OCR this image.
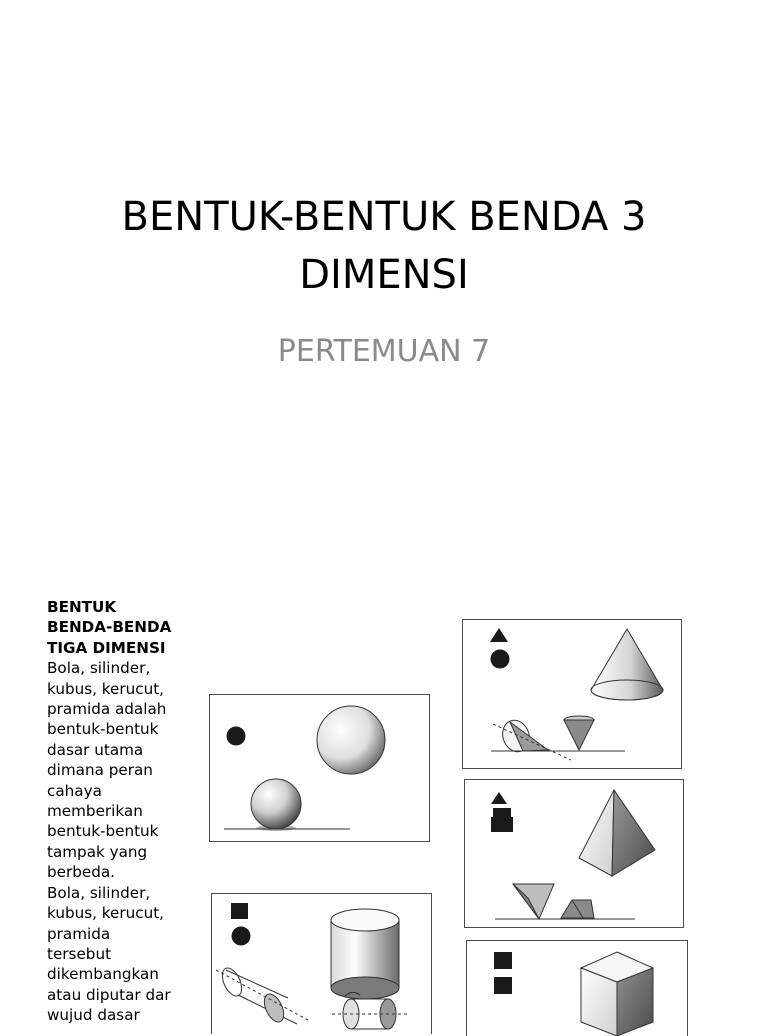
BENTUK-BENTUK BENDA 3
DIMENSI

PERTEMUAN 7

BENTUK
BENDA-BENDA
TIGA DIMENSI
Bola, silinder,
kubus, kerucut,
pramida adalah
bentuk-bentuk
dasar utama
dimana peran
cahaya
memberikan
bentuk-bentuk
tampak yang
berbeda.
Bola, silinder,
kubus, kerucut,
pramida
tersebut
dikembangkan
atau diputar dar
wujud dasar
